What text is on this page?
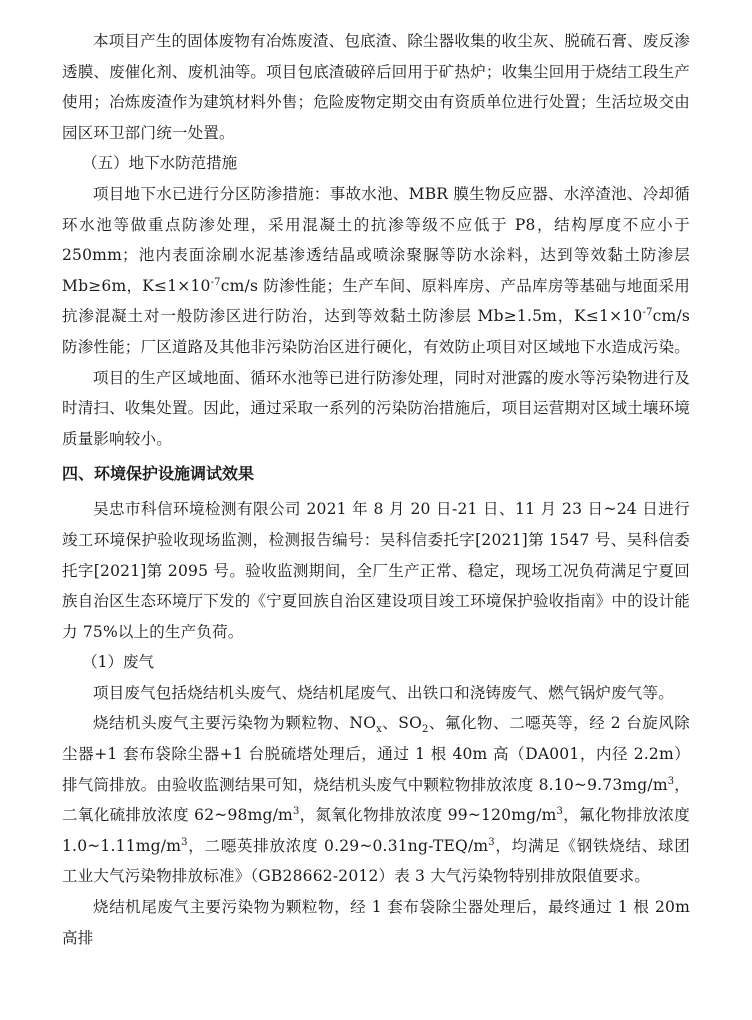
本项目产生的固体废物有冶炼废渣、包底渣、除尘器收集的收尘灰、脱硫石膏、废反渗透膜、废催化剂、废机油等。项目包底渣破碎后回用于矿热炉；收集尘回用于烧结工段生产使用；冶炼废渣作为建筑材料外售；危险废物定期交由有资质单位进行处置；生活垃圾交由园区环卫部门统一处置。

（五）地下水防范措施

项目地下水已进行分区防渗措施：事故水池、MBR 膜生物反应器、水淬渣池、冷却循环水池等做重点防渗处理，采用混凝土的抗渗等级不应低于 P8，结构厚度不应小于 250mm；池内表面涂刷水泥基渗透结晶或喷涂聚脲等防水涂料，达到等效黏土防渗层 Mb≥6m，$K\le 1\times 10^{-7}cm/s$ 防渗性能；生产车间、原料库房、产品库房等基础与地面采用抗渗混凝土对一般防渗区进行防治，达到等效黏土防渗层 Mb≥1.5m，$K\le 1\times 10^{-7}cm/s$ 防渗性能；厂区道路及其他非污染防治区进行硬化，有效防止项目对区域地下水造成污染。

项目的生产区域地面、循环水池等已进行防渗处理，同时对泄露的废水等污染物进行及时清扫、收集处置。因此，通过采取一系列的污染防治措施后，项目运营期对区域土壤环境质量影响较小。

四、环境保护设施调试效果

吴忠市科信环境检测有限公司 2021 年 8 月 20 日-21 日、11 月 23 日~24 日进行竣工环境保护验收现场监测，检测报告编号：吴科信委托字[2021]第 1547 号、吴科信委托字[2021]第 2095 号。验收监测期间，全厂生产正常、稳定，现场工况负荷满足宁夏回族自治区生态环境厅下发的《宁夏回族自治区建设项目竣工环境保护验收指南》中的设计能力 75%以上的生产负荷。

（1）废气

项目废气包括烧结机头废气、烧结机尾废气、出铁口和浇铸废气、燃气锅炉废气等。

烧结机头废气主要污染物为颗粒物、$NO_x$、$SO_2$、氟化物、二噁英等，经 2 台旋风除尘器+1 套布袋除尘器+1 台脱硫塔处理后，通过 1 根 40m 高（DA001，内径 2.2m）排气筒排放。由验收监测结果可知，烧结机头废气中颗粒物排放浓度 $8.10\sim 9.73mg/m^3$，二氧化硫排放浓度 $62\sim 98mg/m^3$，氮氧化物排放浓度 $99\sim 120mg/m^3$，氟化物排放浓度 $1.0\sim 1.11mg/m^3$，二噁英排放浓度 $0.29\sim 0.31ng-TEQ/m^3$，均满足《钢铁烧结、球团工业大气污染物排放标准》（GB28662-2012）表 3 大气污染物特别排放限值要求。

烧结机尾废气主要污染物为颗粒物，经 1 套布袋除尘器处理后，最终通过 1 根 20m 高排
